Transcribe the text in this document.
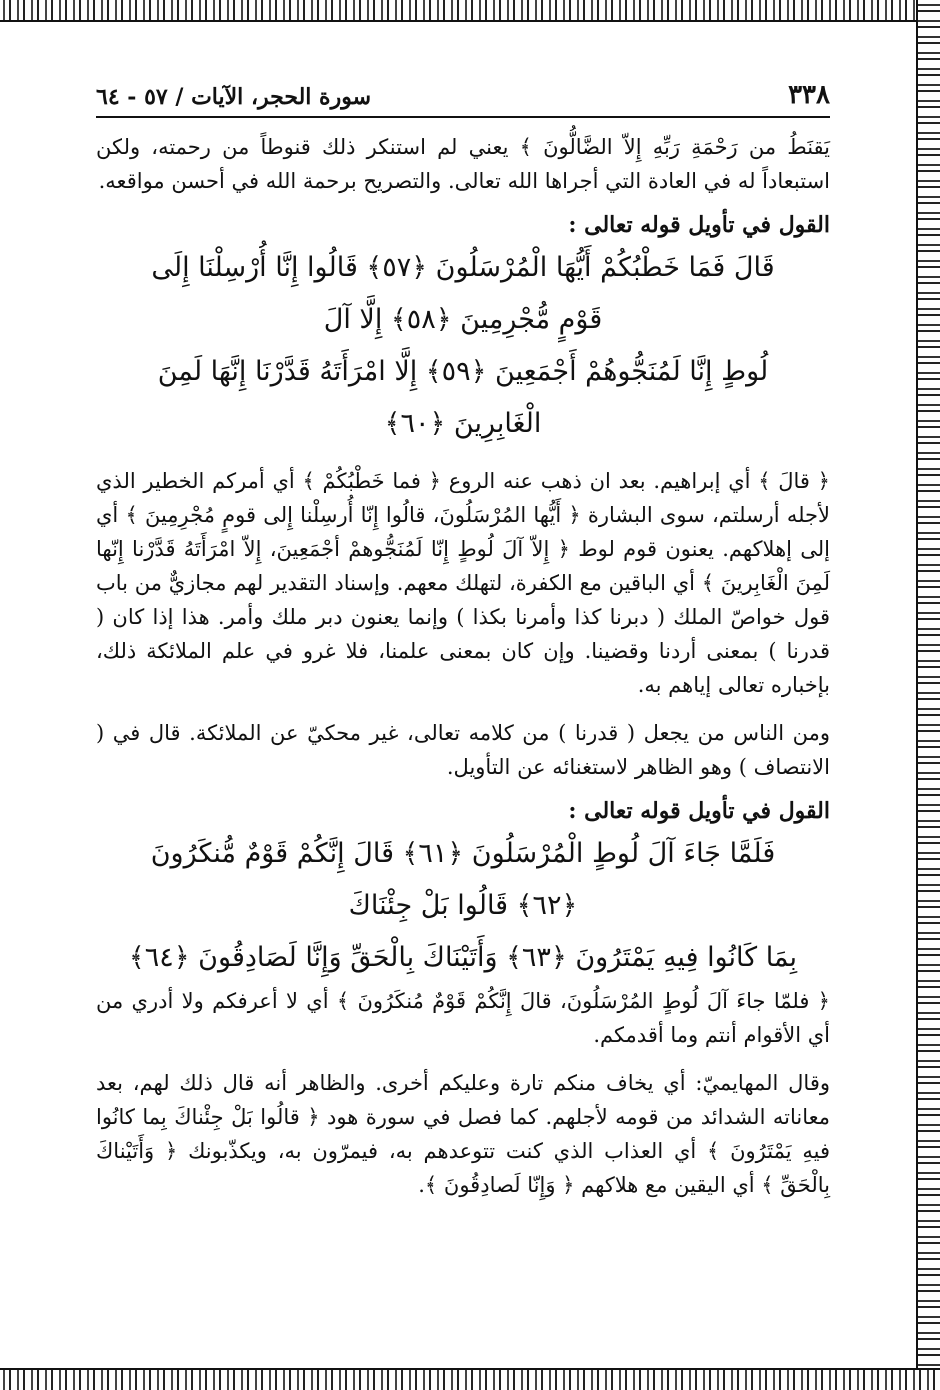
٣٣٨
سورة الحجر، الآيات / ٥٧ - ٦٤

يَقنَطُ من رَحْمَةِ رَبِّهِ إِلاّ الضَّالُّونَ ﴾ يعني لم استنكر ذلك قنوطاً من رحمته، ولكن استبعاداً له في العادة التي أجراها الله تعالى. والتصريح برحمة الله في أحسن مواقعه.

القول في تأويل قوله تعالى :
قَالَ فَمَا خَطْبُكُمْ أَيُّهَا الْمُرْسَلُونَ ﴿٥٧﴾ قَالُوا إِنَّا أُرْسِلْنَا إِلَى قَوْمٍ مُّجْرِمِينَ ﴿٥٨﴾ إِلَّا آلَ
لُوطٍ إِنَّا لَمُنَجُّوهُمْ أَجْمَعِينَ ﴿٥٩﴾ إِلَّا امْرَأَتَهُ قَدَّرْنَا إِنَّهَا لَمِنَ الْغَابِرِينَ ﴿٦٠﴾

﴿ قالَ ﴾ أي إبراهيم. بعد ان ذهب عنه الروع ﴿ فما خَطْبُكُمْ ﴾ أي أمركم الخطير الذي لأجله أرسلتم، سوى البشارة ﴿ أَيُّها المُرْسَلُونَ، قالُوا إِنّا أُرسِلْنا إِلى قومٍ مُجْرِمِينَ ﴾ أي إلى إهلاكهم. يعنون قوم لوط ﴿ إِلاّ آلَ لُوطٍ إِنّا لَمُنَجُّوهمْ أجْمَعِينَ، إِلاّ امْرَأَتَهُ قَدَّرْنا إِنّها لَمِنَ الْغَابِرينَ ﴾ أي الباقين مع الكفرة، لتهلك معهم. وإسناد التقدير لهم مجازيٌّ من باب قول خواصّ الملك ( دبرنا كذا وأمرنا بكذا ) وإنما يعنون دبر ملك وأمر. هذا إذا كان ( قدرنا ) بمعنى أردنا وقضينا. وإن كان بمعنى علمنا، فلا غرو في علم الملائكة ذلك، بإخباره تعالى إياهم به.

ومن الناس من يجعل ( قدرنا ) من كلامه تعالى، غير محكيّ عن الملائكة. قال في ( الانتصاف ) وهو الظاهر لاستغنائه عن التأويل.

القول في تأويل قوله تعالى :
فَلَمَّا جَاءَ آلَ لُوطٍ الْمُرْسَلُونَ ﴿٦١﴾ قَالَ إِنَّكُمْ قَوْمٌ مُّنكَرُونَ ﴿٦٢﴾ قَالُوا بَلْ جِئْنَاكَ
بِمَا كَانُوا فِيهِ يَمْتَرُونَ ﴿٦٣﴾ وَأَتَيْنَاكَ بِالْحَقِّ وَإِنَّا لَصَادِقُونَ ﴿٦٤﴾

﴿ فلمّا جاءَ آلَ لُوطٍ المُرْسَلُونَ، قالَ إِنَّكُمْ قَوْمٌ مُنكَرُونَ ﴾ أي لا أعرفكم ولا أدري من أي الأقوام أنتم وما أقدمكم.

وقال المهايميّ: أي يخاف منكم تارة وعليكم أخرى. والظاهر أنه قال ذلك لهم، بعد معاناته الشدائد من قومه لأجلهم. كما فصل في سورة هود ﴿ قالُوا بَلْ جِئْناكَ بِما كانُوا فيهِ يَمْتَرُونَ ﴾ أي العذاب الذي كنت تتوعدهم به، فيمرّون به، ويكذّبونك ﴿ وَأَتَيْناكَ بِالْحَقِّ ﴾ أي اليقين مع هلاكهم ﴿ وَإِنّا لَصادِقُونَ ﴾.
